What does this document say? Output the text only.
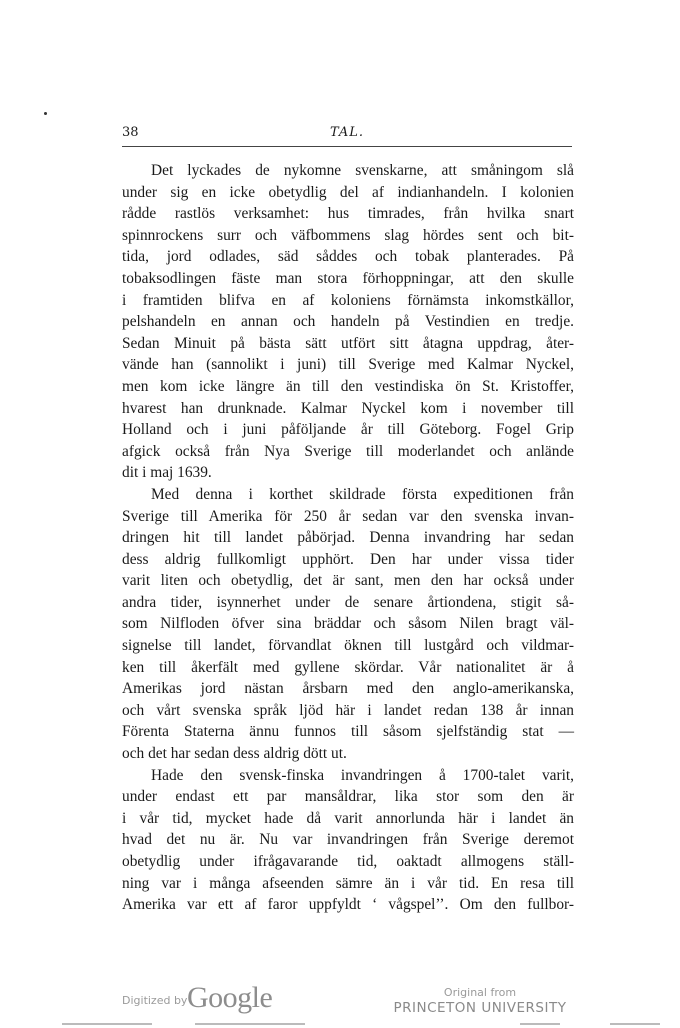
38	TAL.
Det lyckades de nykomne svenskarne, att småningom slå
under sig en icke obetydlig del af indianhandeln. I kolonien
rådde rastlös verksamhet: hus timrades, från hvilka snart
spinnrockens surr och väfbommens slag hördes sent och bit-
tida, jord odlades, säd såddes och tobak planterades. På
tobaksodlingen fäste man stora förhoppningar, att den skulle
i framtiden blifva en af koloniens förnämsta inkomstkällor,
pelshandeln en annan och handeln på Vestindien en tredje.
Sedan Minuit på bästa sätt utfört sitt åtagna uppdrag, åter-
vände han (sannolikt i juni) till Sverige med Kalmar Nyckel,
men kom icke längre än till den vestindiska ön St. Kristoffer,
hvarest han drunknade. Kalmar Nyckel kom i november till
Holland och i juni påföljande år till Göteborg. Fogel Grip
afgick också från Nya Sverige till moderlandet och anlände
dit i maj 1639.
Med denna i korthet skildrade första expeditionen från
Sverige till Amerika för 250 år sedan var den svenska invan-
dringen hit till landet påbörjad. Denna invandring har sedan
dess aldrig fullkomligt upphört. Den har under vissa tider
varit liten och obetydlig, det är sant, men den har också under
andra tider, isynnerhet under de senare årtiondena, stigit så-
som Nilfloden öfver sina bräddar och såsom Nilen bragt väl-
signelse till landet, förvandlat öknen till lustgård och vildmar-
ken till åkerfält med gyllene skördar. Vår nationalitet är å
Amerikas jord nästan årsbarn med den anglo-amerikanska,
och vårt svenska språk ljöd här i landet redan 138 år innan
Förenta Staterna ännu funnos till såsom sjelfständig stat —
och det har sedan dess aldrig dött ut.
Hade den svensk-finska invandringen å 1700-talet varit,
under endast ett par mansåldrar, lika stor som den är
i vår tid, mycket hade då varit annorlunda här i landet än
hvad det nu är. Nu var invandringen från Sverige deremot
obetydlig under ifrågavarande tid, oaktadt allmogens ställ-
ning var i många afseenden sämre än i vår tid. En resa till
Amerika var ett af faror uppfyldt ‘ vågspel’’. Om den fullbor-
Digitized by Google	Original from
PRINCETON UNIVERSITY
